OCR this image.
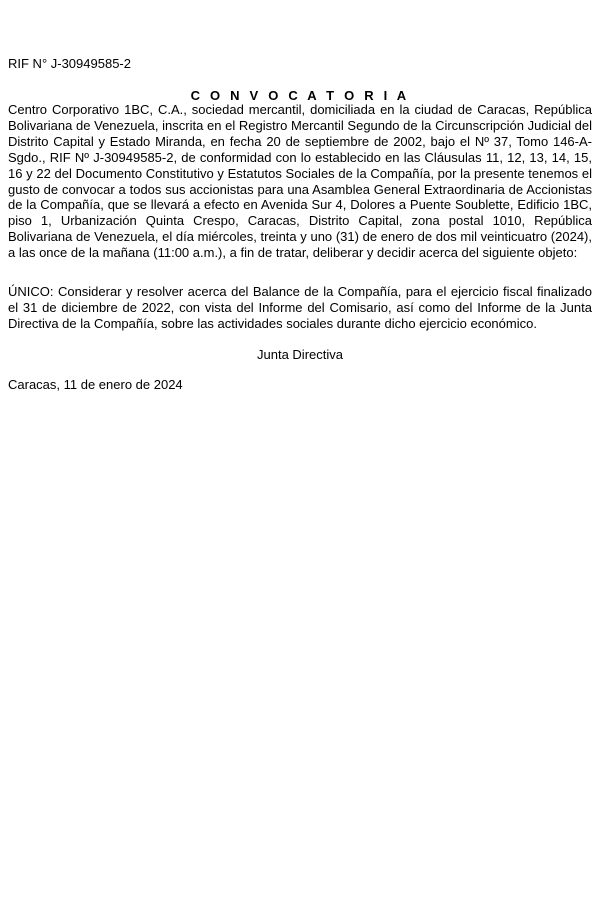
RIF N° J-30949585-2

C O N V O C A T O R I A

Centro Corporativo 1BC, C.A., sociedad mercantil, domiciliada en la ciudad de Caracas, República Bolivariana de Venezuela, inscrita en el Registro Mercantil Segundo de la Circunscripción Judicial del Distrito Capital y Estado Miranda, en fecha 20 de septiembre de 2002, bajo el Nº 37, Tomo 146-A-Sgdo., RIF Nº J-30949585-2, de conformidad con lo establecido en las Cláusulas 11, 12, 13, 14, 15, 16 y 22 del Documento Constitutivo y Estatutos Sociales de la Compañía, por la presente tenemos el gusto de convocar a todos sus accionistas para una Asamblea General Extraordinaria de Accionistas de la Compañía, que se llevará a efecto en Avenida Sur 4, Dolores a Puente Soublette, Edificio 1BC, piso 1, Urbanización Quinta Crespo, Caracas, Distrito Capital, zona postal 1010, República Bolivariana de Venezuela, el día miércoles, treinta y uno (31) de enero de dos mil veinticuatro (2024), a las once de la mañana (11:00 a.m.), a fin de tratar, deliberar y decidir acerca del siguiente objeto:

ÚNICO: Considerar y resolver acerca del Balance de la Compañía, para el ejercicio fiscal finalizado el 31 de diciembre de 2022, con vista del Informe del Comisario, así como del Informe de la Junta Directiva de la Compañía, sobre las actividades sociales durante dicho ejercicio económico.

Junta Directiva

Caracas, 11 de enero de 2024
